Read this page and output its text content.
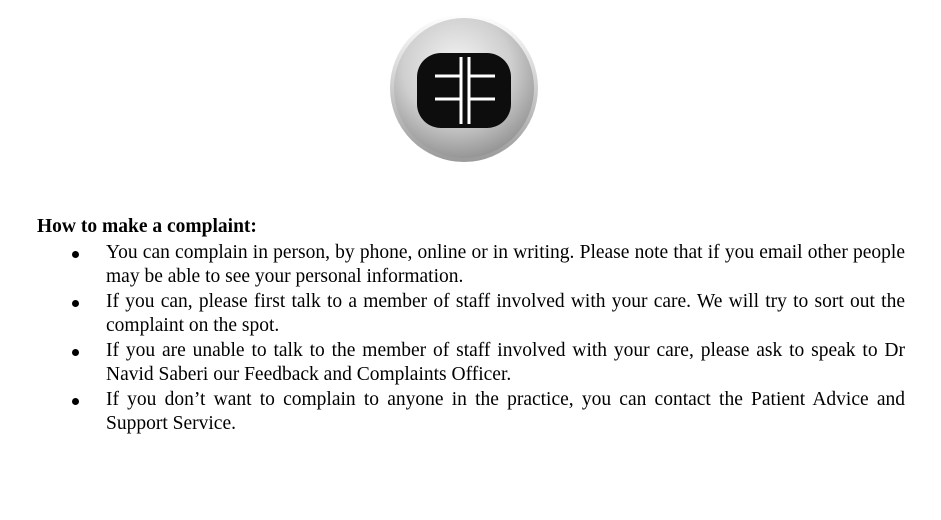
How to make a complaint:
You can complain in person, by phone, online or in writing. Please note that if you email other people may be able to see your personal information.
If you can, please first talk to a member of staff involved with your care. We will try to sort out the complaint on the spot.
If you are unable to talk to the member of staff involved with your care, please ask to speak to Dr Navid Saberi our Feedback and Complaints Officer.
If you don’t want to complain to anyone in the practice, you can contact the Patient Advice and Support Service.
